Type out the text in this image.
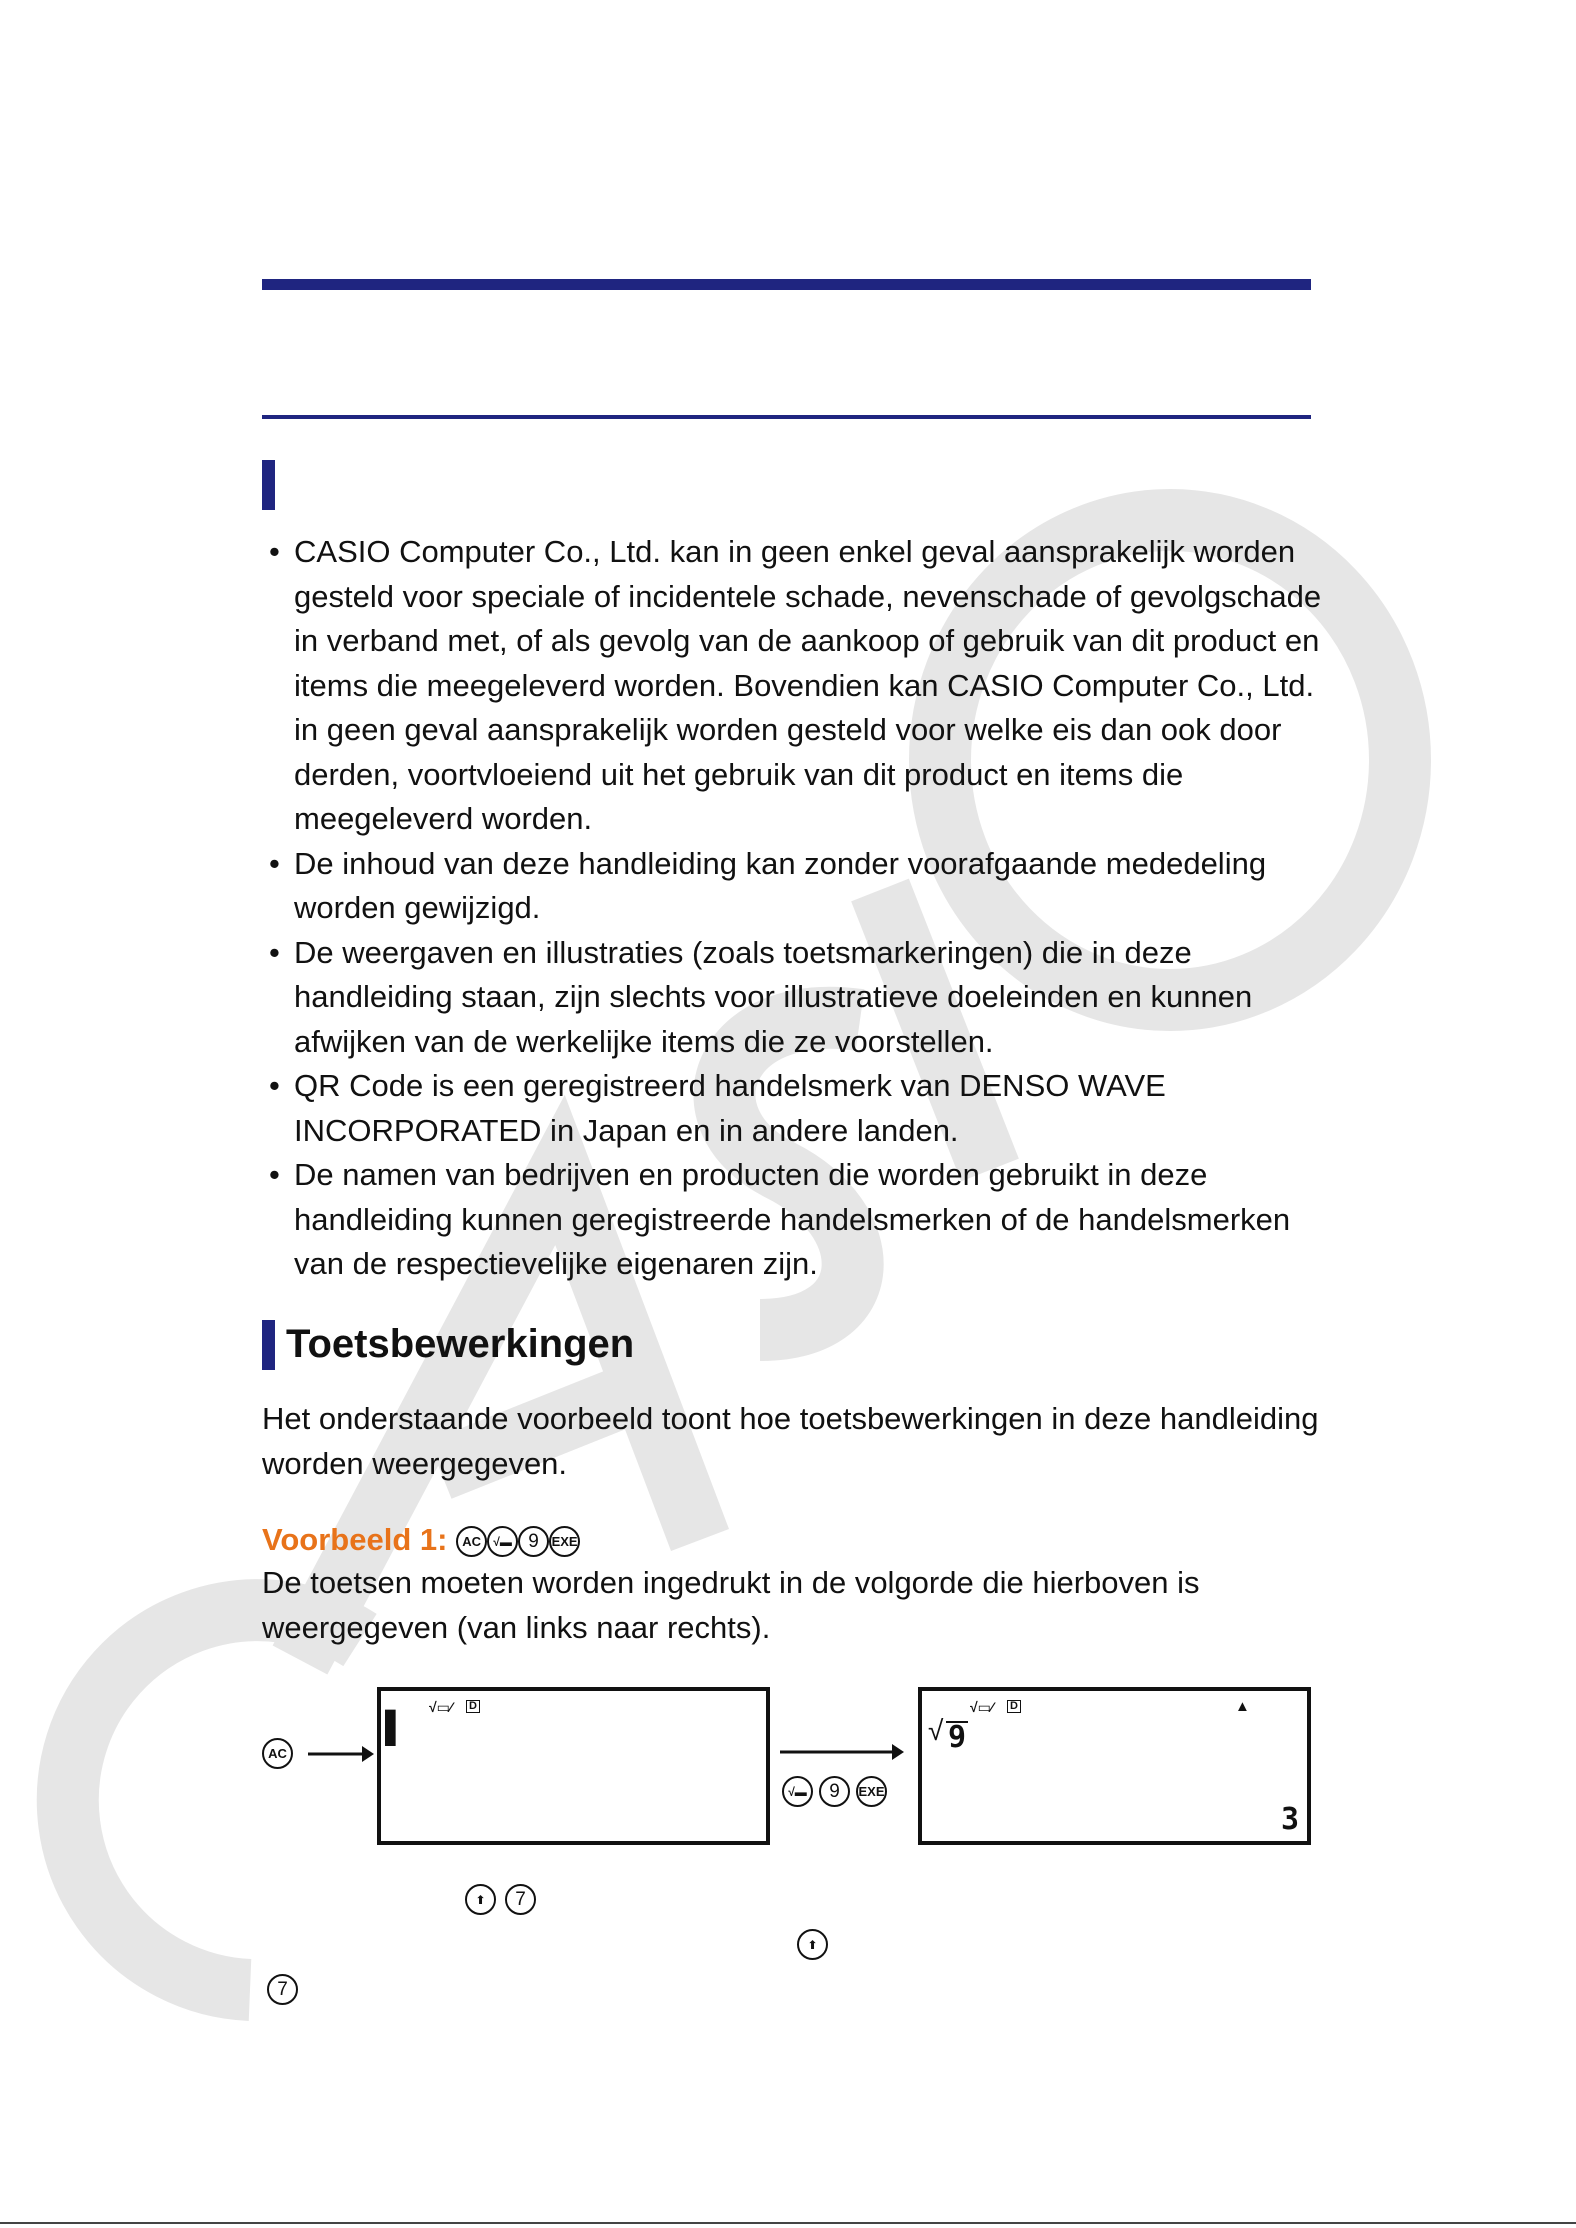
• CASIO Computer Co., Ltd. kan in geen enkel geval aansprakelijk worden gesteld voor speciale of incidentele schade, nevenschade of gevolgschade in verband met, of als gevolg van de aankoop of gebruik van dit product en items die meegeleverd worden. Bovendien kan CASIO Computer Co., Ltd. in geen geval aansprakelijk worden gesteld voor welke eis dan ook door derden, voortvloeiend uit het gebruik van dit product en items die meegeleverd worden.
• De inhoud van deze handleiding kan zonder voorafgaande mededeling worden gewijzigd.
• De weergaven en illustraties (zoals toetsmarkeringen) die in deze handleiding staan, zijn slechts voor illustratieve doeleinden en kunnen afwijken van de werkelijke items die ze voorstellen.
• QR Code is een geregistreerd handelsmerk van DENSO WAVE INCORPORATED in Japan en in andere landen.
• De namen van bedrijven en producten die worden gebruikt in deze handleiding kunnen geregistreerde handelsmerken of de handelsmerken van de respectievelijke eigenaren zijn.
Toetsbewerkingen

Het onderstaande voorbeeld toont hoe toetsbewerkingen in deze handleiding worden weergegeven.

Voorbeeld 1: AC √▬ 9 EXE

De toetsen moeten worden ingedrukt in de volgorde die hierboven is weergegeven (van links naar rechts).

AC
√▭⁄ D
▌
√▬ 9 EXE
√▭⁄ D	▲
√ 9
3
⬆	7
⬆
7
